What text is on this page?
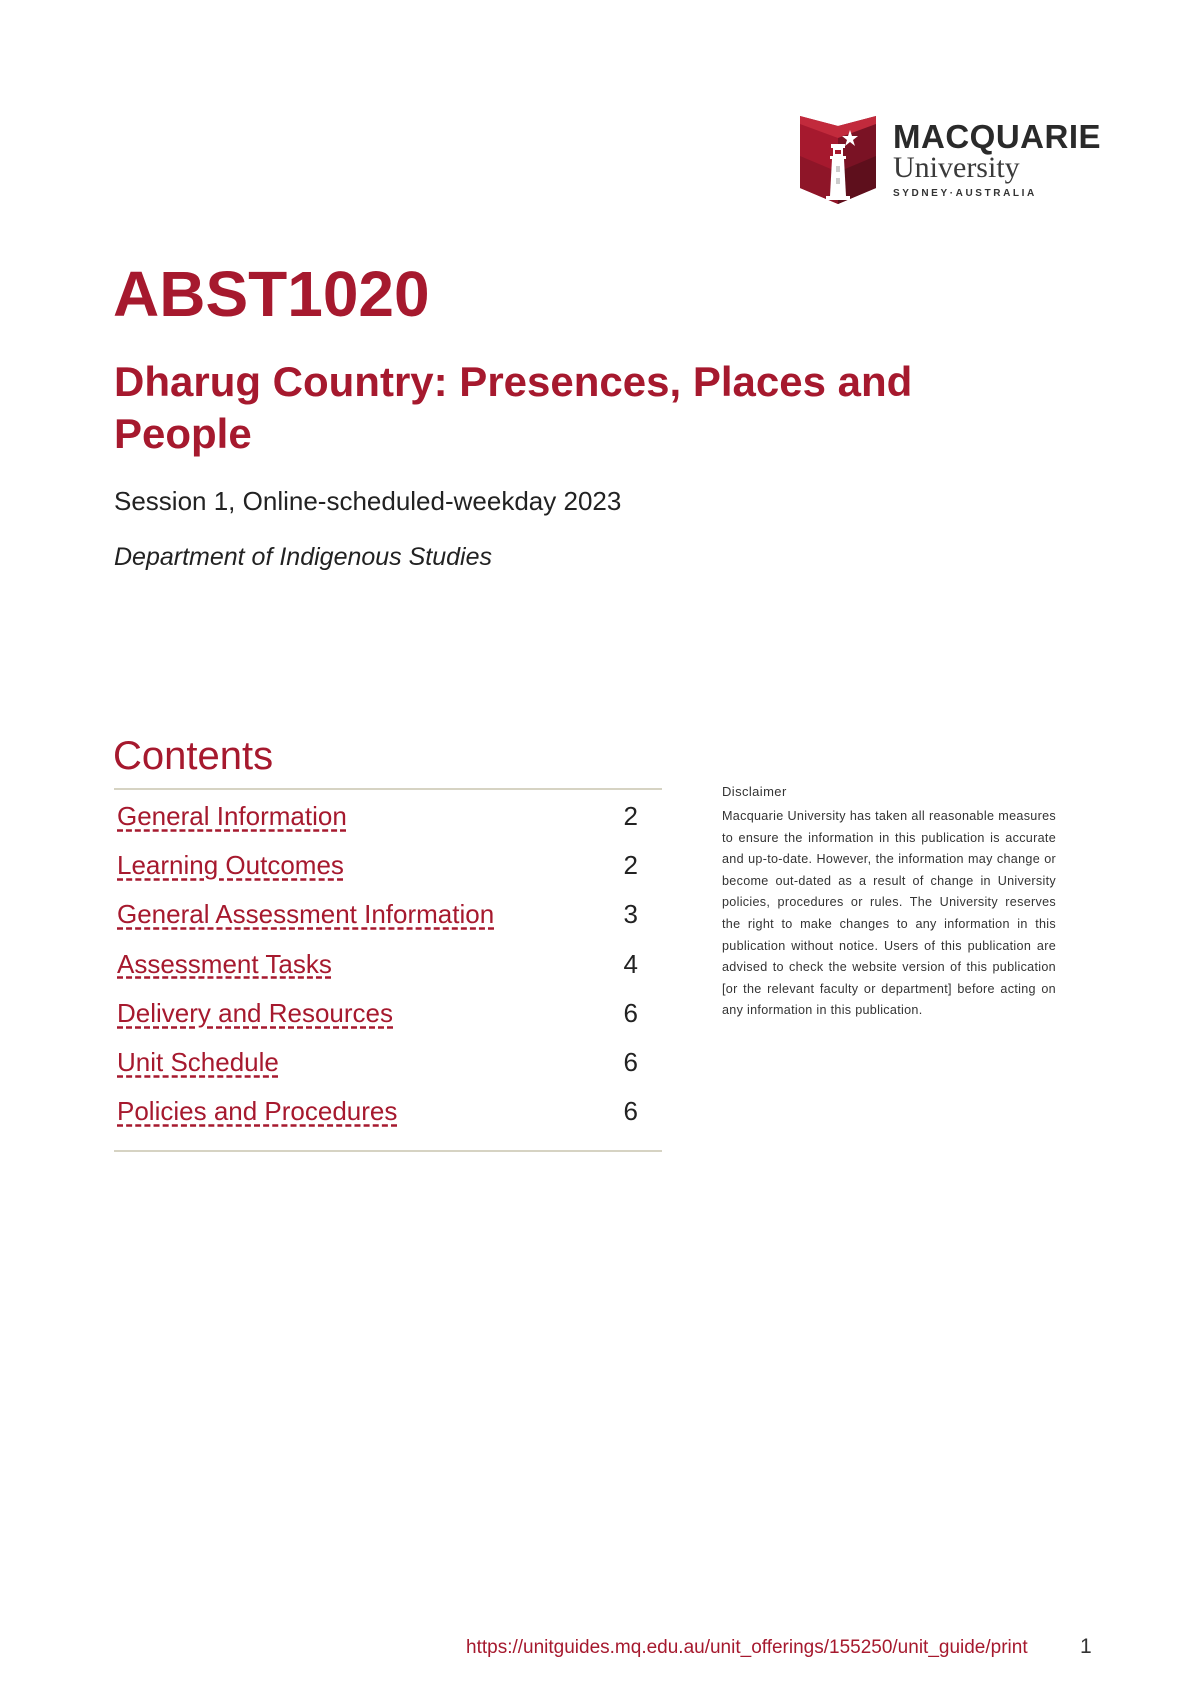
MACQUARIE
University
SYDNEY·AUSTRALIA
ABST1020
Dharug Country: Presences, Places and People

Session 1, Online-scheduled-weekday 2023

Department of Indigenous Studies

Contents
General Information	2
Learning Outcomes	2
General Assessment Information	3
Assessment Tasks	4
Delivery and Resources	6
Unit Schedule	6
Policies and Procedures	6

Disclaimer

Macquarie University has taken all reasonable measures to ensure the information in this publication is accurate and up-to-date. However, the information may change or become out-dated as a result of change in University policies, procedures or rules. The University reserves the right to make changes to any information in this publication without notice. Users of this publication are advised to check the website version of this publication [or the relevant faculty or department] before acting on any information in this publication.

https://unitguides.mq.edu.au/unit_offerings/155250/unit_guide/print 1
